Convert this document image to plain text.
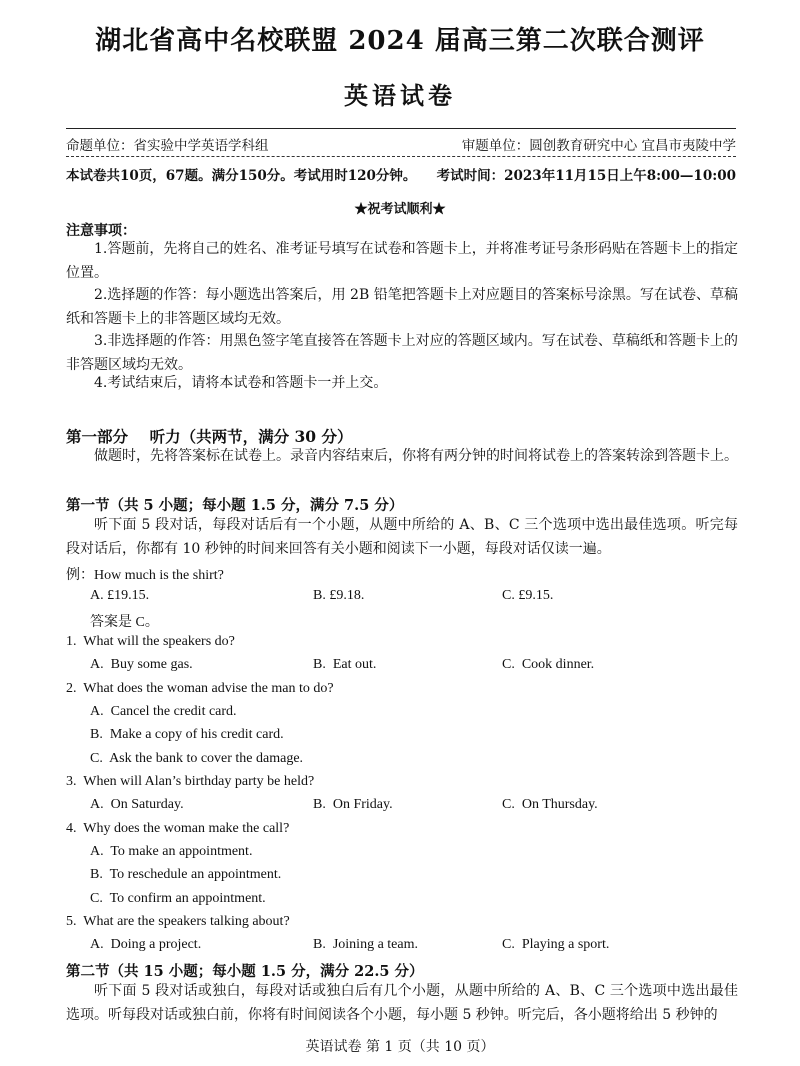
湖北省高中名校联盟 2024 届高三第二次联合测评
英语试卷
命题单位：省实验中学英语学科组	审题单位：圆创教育研究中心 宜昌市夷陵中学
本试卷共10页，67题。满分150分。考试用时120分钟。 考试时间：2023年11月15日上午8:00—10:00
★祝考试顺利★
注意事项：
1.答题前，先将自己的姓名、准考证号填写在试卷和答题卡上，并将准考证号条形码贴在答题卡上的指定位置。
2.选择题的作答：每小题选出答案后，用 2B 铅笔把答题卡上对应题目的答案标号涂黑。写在试卷、草稿纸和答题卡上的非答题区域均无效。
3.非选择题的作答：用黑色签字笔直接答在答题卡上对应的答题区域内。写在试卷、草稿纸和答题卡上的非答题区域均无效。
4.考试结束后，请将本试卷和答题卡一并上交。
第一部分    听力（共两节，满分 30 分）
做题时，先将答案标在试卷上。录音内容结束后，你将有两分钟的时间将试卷上的答案转涂到答题卡上。
第一节（共 5 小题；每小题 1.5 分，满分 7.5 分）
听下面 5 段对话，每段对话后有一个小题，从题中所给的 A、B、C 三个选项中选出最佳选项。听完每段对话后，你都有 10 秒钟的时间来回答有关小题和阅读下一小题，每段对话仅读一遍。
例：How much is the shirt?
A. £19.15.	B. £9.18.	C. £9.15.
答案是 C。
1.  What will the speakers do?
A.  Buy some gas.	B.  Eat out.	C.  Cook dinner.
2.  What does the woman advise the man to do?
A.  Cancel the credit card.
B.  Make a copy of his credit card.
C.  Ask the bank to cover the damage.
3.  When will Alan’s birthday party be held?
A.  On Saturday.	B.  On Friday.	C.  On Thursday.
4.  Why does the woman make the call?
A.  To make an appointment.
B.  To reschedule an appointment.
C.  To confirm an appointment.
5.  What are the speakers talking about?
A.  Doing a project.	B.  Joining a team.	C.  Playing a sport.
第二节（共 15 小题；每小题 1.5 分，满分 22.5 分）
听下面 5 段对话或独白，每段对话或独白后有几个小题，从题中所给的 A、B、C 三个选项中选出最佳选项。听每段对话或独白前，你将有时间阅读各个小题，每小题 5 秒钟。听完后，各小题将给出 5 秒钟的
英语试卷 第 1 页（共 10 页）
